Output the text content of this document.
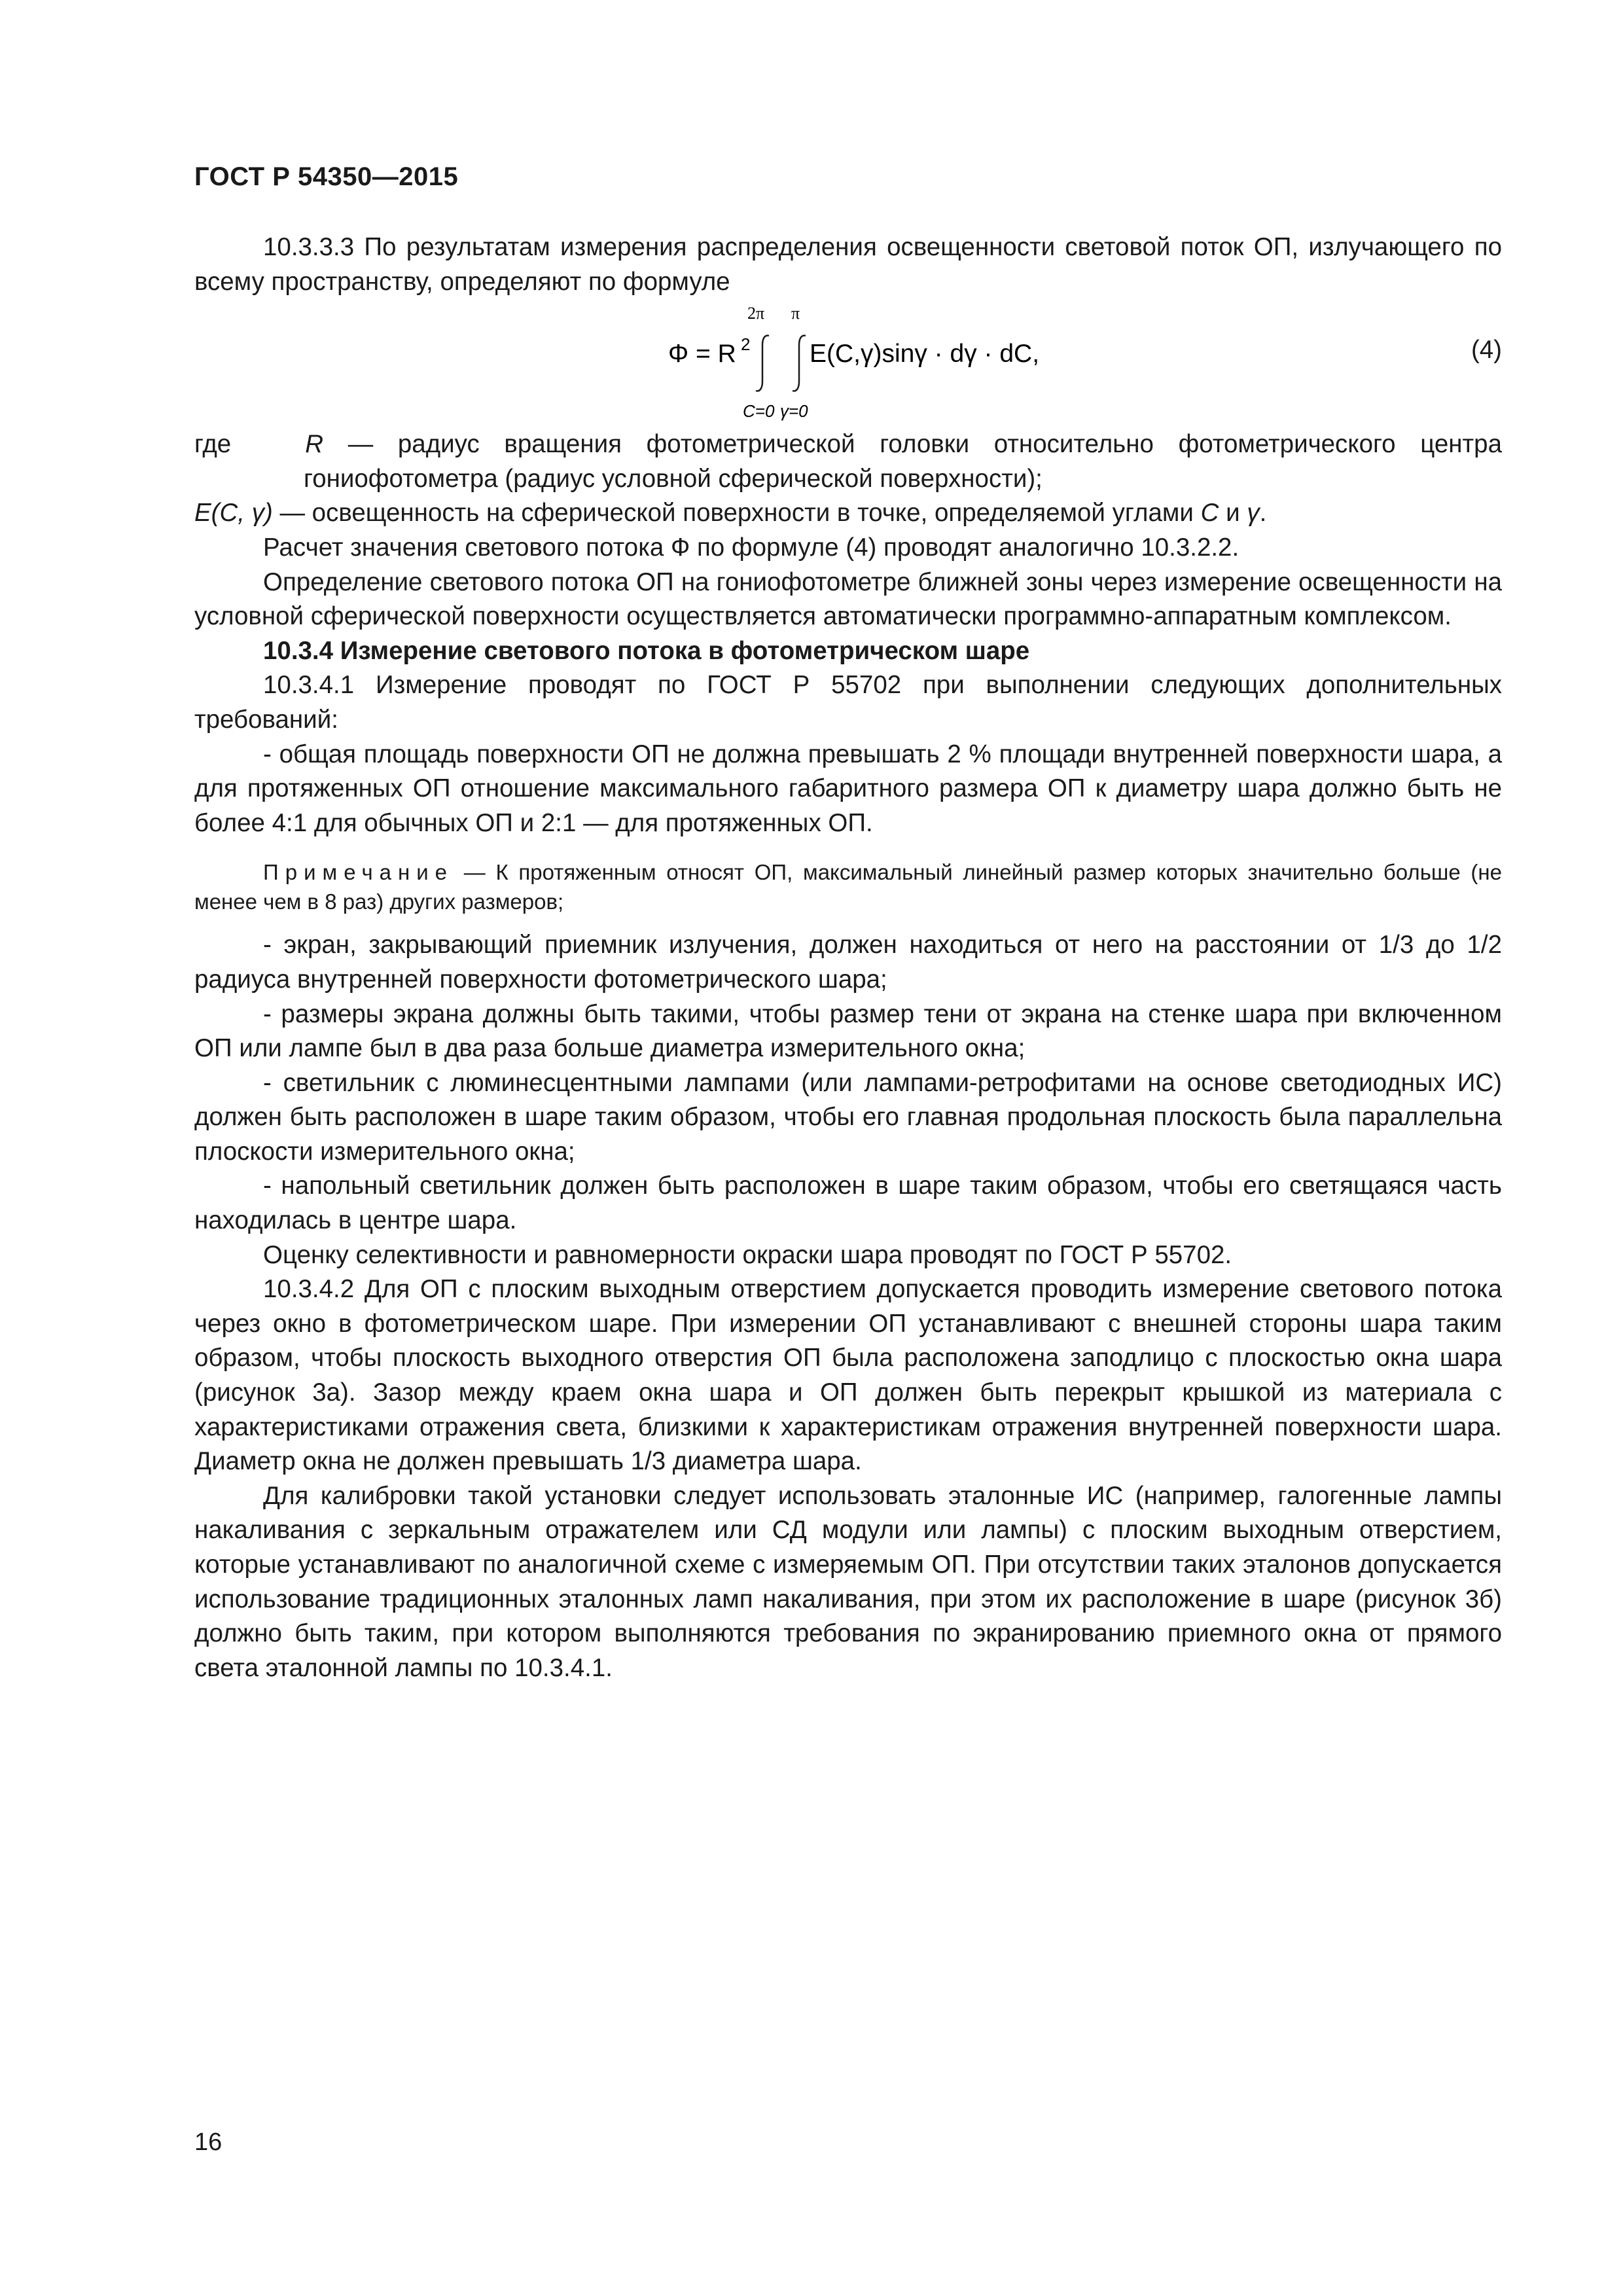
ГОСТ Р 54350—2015

10.3.3.3 По результатам измерения распределения освещенности световой поток ОП, излучающего по всему пространству, определяют по формуле

Φ = R 2
2π
C=0
π
γ=0
E(C,γ)sinγ · dγ · dC,	(4)

где	R — радиус вращения фотометрической головки относительно фотометрического центра гониофотометра (радиус условной сферической поверхности);

E(C, γ) — освещенность на сферической поверхности в точке, определяемой углами C и γ.

Расчет значения светового потока Ф по формуле (4) проводят аналогично 10.3.2.2.

Определение светового потока ОП на гониофотометре ближней зоны через измерение освещенности на условной сферической поверхности осуществляется автоматически программно-аппаратным комплексом.

10.3.4 Измерение светового потока в фотометрическом шаре

10.3.4.1 Измерение проводят по ГОСТ Р 55702 при выполнении следующих дополнительных требований:

- общая площадь поверхности ОП не должна превышать 2 % площади внутренней поверхности шара, а для протяженных ОП отношение максимального габаритного размера ОП к диаметру шара должно быть не более 4:1 для обычных ОП и 2:1 — для протяженных ОП.

Примечание — К протяженным относят ОП, максимальный линейный размер которых значительно больше (не менее чем в 8 раз) других размеров;

- экран, закрывающий приемник излучения, должен находиться от него на расстоянии от 1/3 до 1/2 радиуса внутренней поверхности фотометрического шара;

- размеры экрана должны быть такими, чтобы размер тени от экрана на стенке шара при включенном ОП или лампе был в два раза больше диаметра измерительного окна;

- светильник с люминесцентными лампами (или лампами-ретрофитами на основе светодиодных ИС) должен быть расположен в шаре таким образом, чтобы его главная продольная плоскость была параллельна плоскости измерительного окна;

- напольный светильник должен быть расположен в шаре таким образом, чтобы его светящаяся часть находилась в центре шара.

Оценку селективности и равномерности окраски шара проводят по ГОСТ Р 55702.

10.3.4.2 Для ОП с плоским выходным отверстием допускается проводить измерение светового потока через окно в фотометрическом шаре. При измерении ОП устанавливают с внешней стороны шара таким образом, чтобы плоскость выходного отверстия ОП была расположена заподлицо с плоскостью окна шара (рисунок 3а). Зазор между краем окна шара и ОП должен быть перекрыт крышкой из материала с характеристиками отражения света, близкими к характеристикам отражения внутренней поверхности шара. Диаметр окна не должен превышать 1/3 диаметра шара.

Для калибровки такой установки следует использовать эталонные ИС (например, галогенные лампы накаливания с зеркальным отражателем или СД модули или лампы) с плоским выходным отверстием, которые устанавливают по аналогичной схеме с измеряемым ОП. При отсутствии таких эталонов допускается использование традиционных эталонных ламп накаливания, при этом их расположение в шаре (рисунок 3б) должно быть таким, при котором выполняются требования по экранированию приемного окна от прямого света эталонной лампы по 10.3.4.1.

16
